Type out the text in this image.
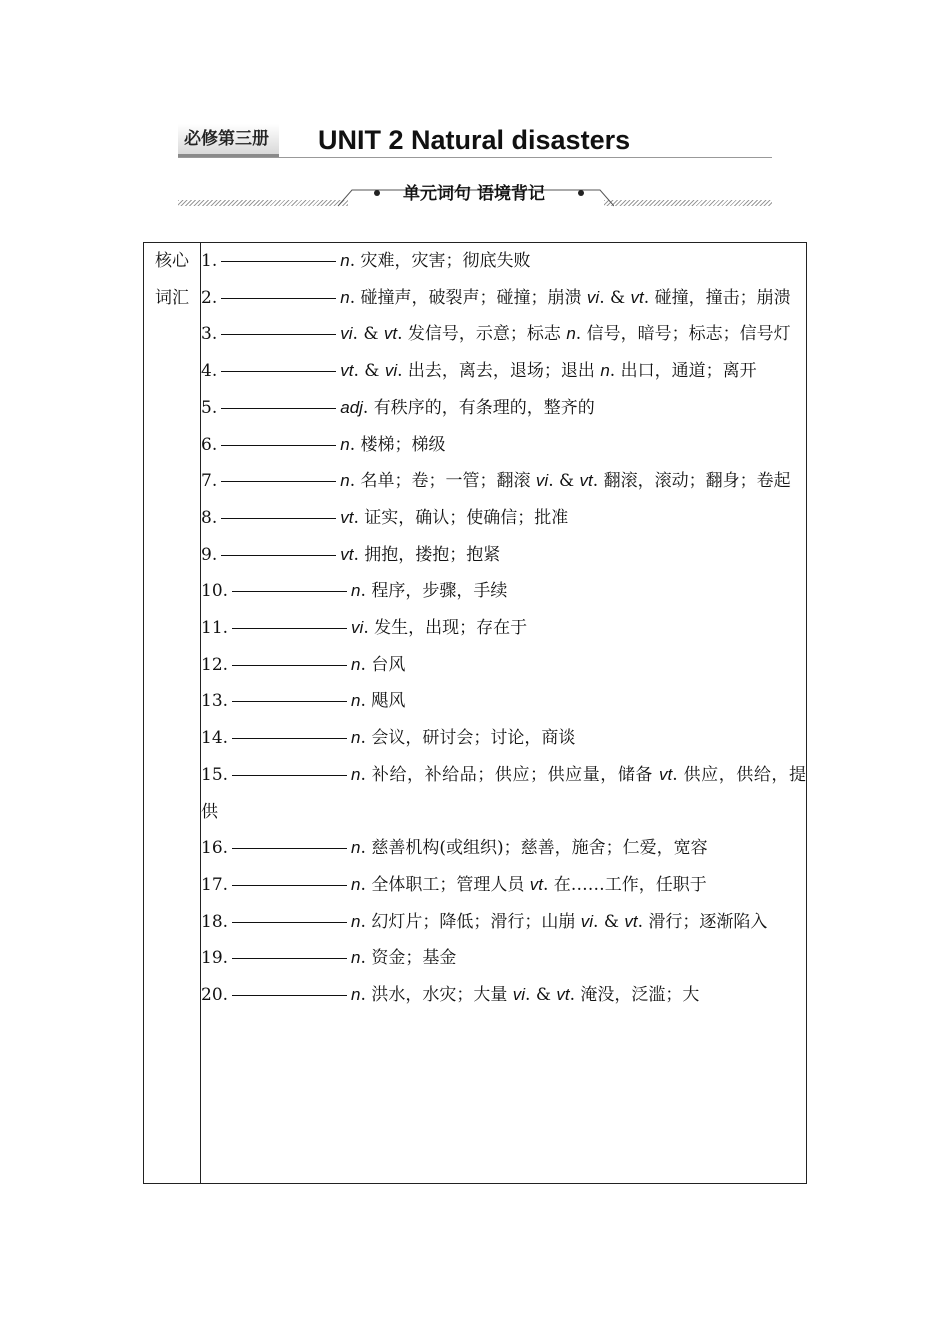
必修第三册	UNIT 2 Natural disasters
单元词句 语境背记
核心
词汇

1.	n. 灾难，灾害；彻底失败
2.	n. 碰撞声，破裂声；碰撞；崩溃 vi. & vt. 碰撞，撞击；崩溃
3.	vi. & vt. 发信号，示意；标志 n. 信号，暗号；标志；信号灯
4.	vt. & vi. 出去，离去，退场；退出 n. 出口，通道；离开
5.	adj. 有秩序的，有条理的，整齐的
6.	n. 楼梯；梯级
7.	n. 名单；卷；一管；翻滚 vi. & vt. 翻滚，滚动；翻身；卷起
8.	vt. 证实，确认；使确信；批准
9.	vt. 拥抱，搂抱；抱紧
10.	n. 程序，步骤，手续
11.	vi. 发生，出现；存在于
12.	n. 台风
13.	n. 飓风
14.	n. 会议，研讨会；讨论，商谈
15.	n. 补给，补给品；供应；供应量，储备 vt. 供应，供给，提供
16.	n. 慈善机构(或组织)；慈善，施舍；仁爱，宽容
17.	n. 全体职工；管理人员 vt. 在……工作，任职于
18.	n. 幻灯片；降低；滑行；山崩 vi. & vt. 滑行；逐渐陷入
19.	n. 资金；基金
20.	n. 洪水，水灾；大量 vi. & vt. 淹没，泛滥；大
